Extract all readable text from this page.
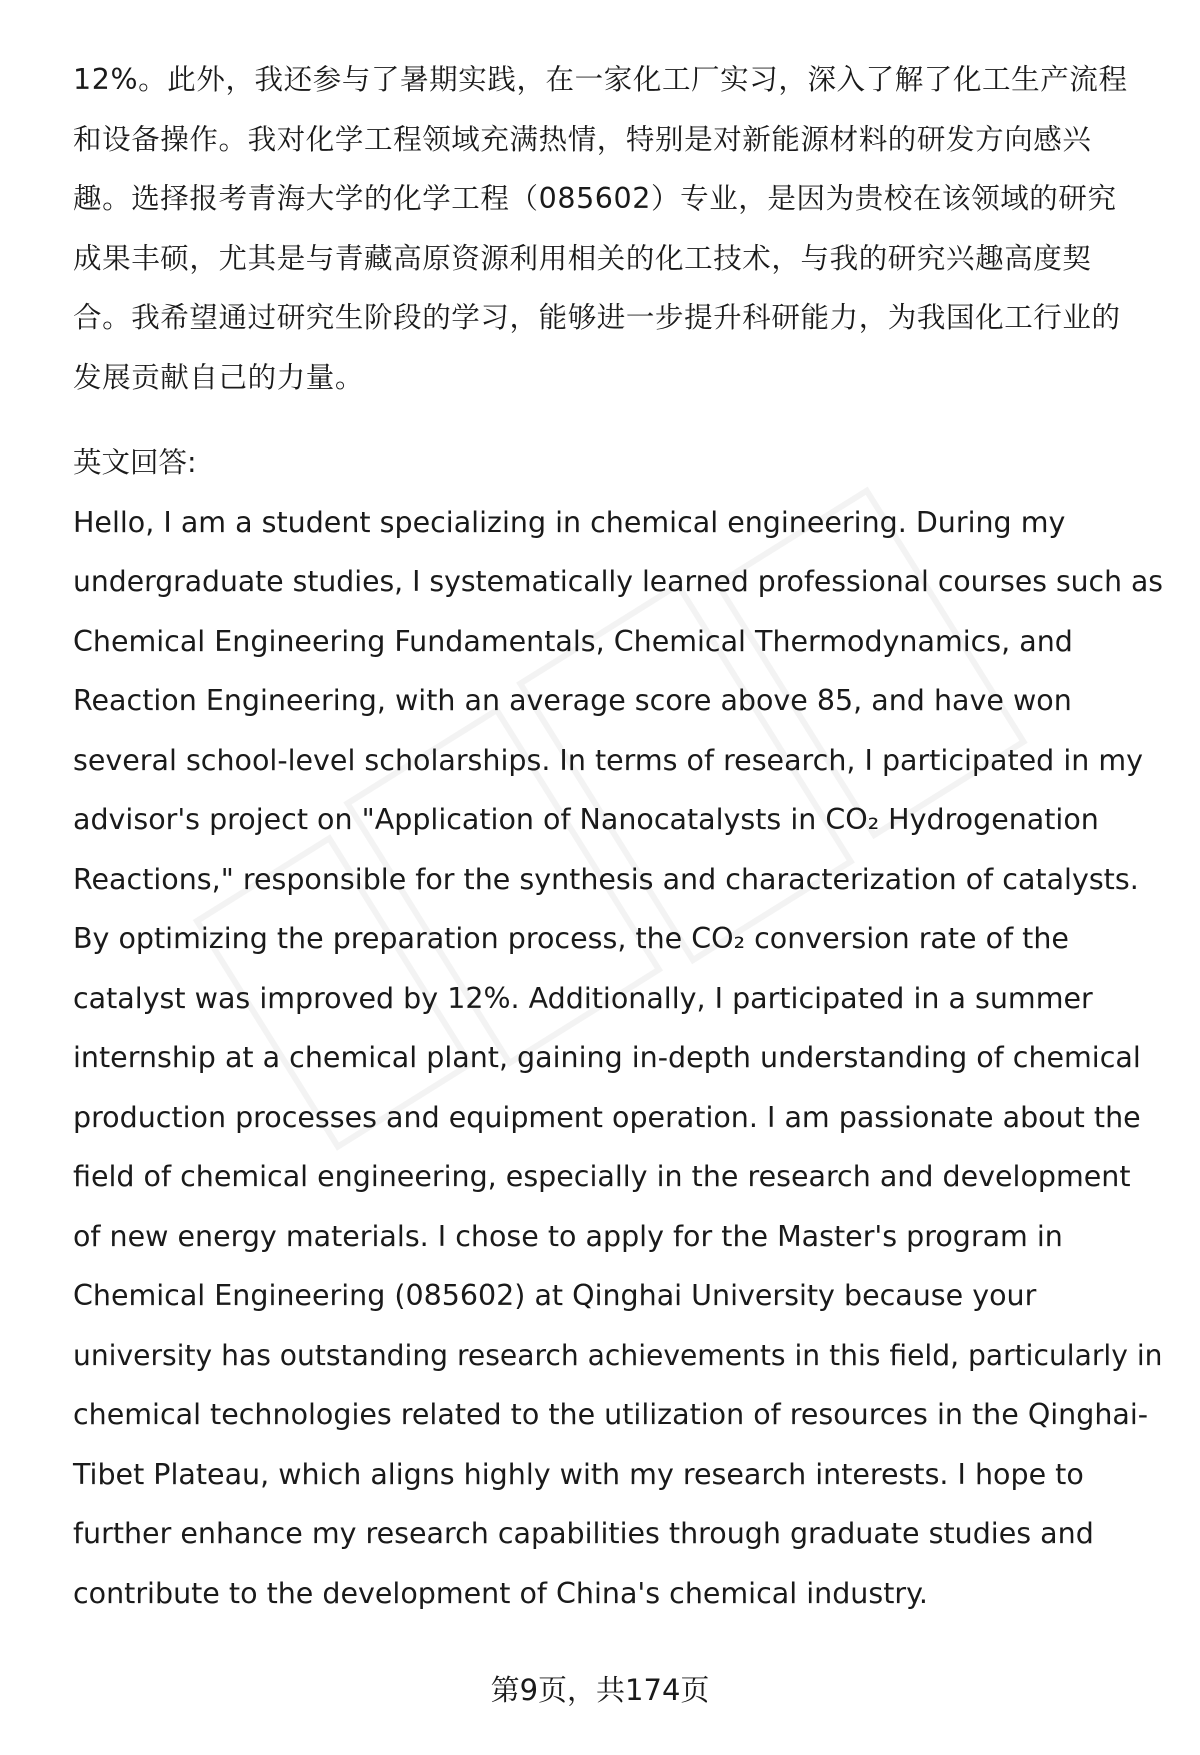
12%。此外，我还参与了暑期实践，在一家化工厂实习，深入了解了化工生产流程
和设备操作。我对化学工程领域充满热情，特别是对新能源材料的研发方向感兴
趣。选择报考青海大学的化学工程（085602）专业，是因为贵校在该领域的研究
成果丰硕，尤其是与青藏高原资源利用相关的化工技术，与我的研究兴趣高度契
合。我希望通过研究生阶段的学习，能够进一步提升科研能力，为我国化工行业的
发展贡献自己的力量。

英文回答:

Hello, I am a student specializing in chemical engineering. During my
undergraduate studies, I systematically learned professional courses such as
Chemical Engineering Fundamentals, Chemical Thermodynamics, and
Reaction Engineering, with an average score above 85, and have won
several school-level scholarships. In terms of research, I participated in my
advisor's project on "Application of Nanocatalysts in CO₂ Hydrogenation
Reactions," responsible for the synthesis and characterization of catalysts.
By optimizing the preparation process, the CO₂ conversion rate of the
catalyst was improved by 12%. Additionally, I participated in a summer
internship at a chemical plant, gaining in-depth understanding of chemical
production processes and equipment operation. I am passionate about the
field of chemical engineering, especially in the research and development
of new energy materials. I chose to apply for the Master's program in
Chemical Engineering (085602) at Qinghai University because your
university has outstanding research achievements in this field, particularly in
chemical technologies related to the utilization of resources in the Qinghai-
Tibet Plateau, which aligns highly with my research interests. I hope to
further enhance my research capabilities through graduate studies and
contribute to the development of China's chemical industry.

第9页，共174页
